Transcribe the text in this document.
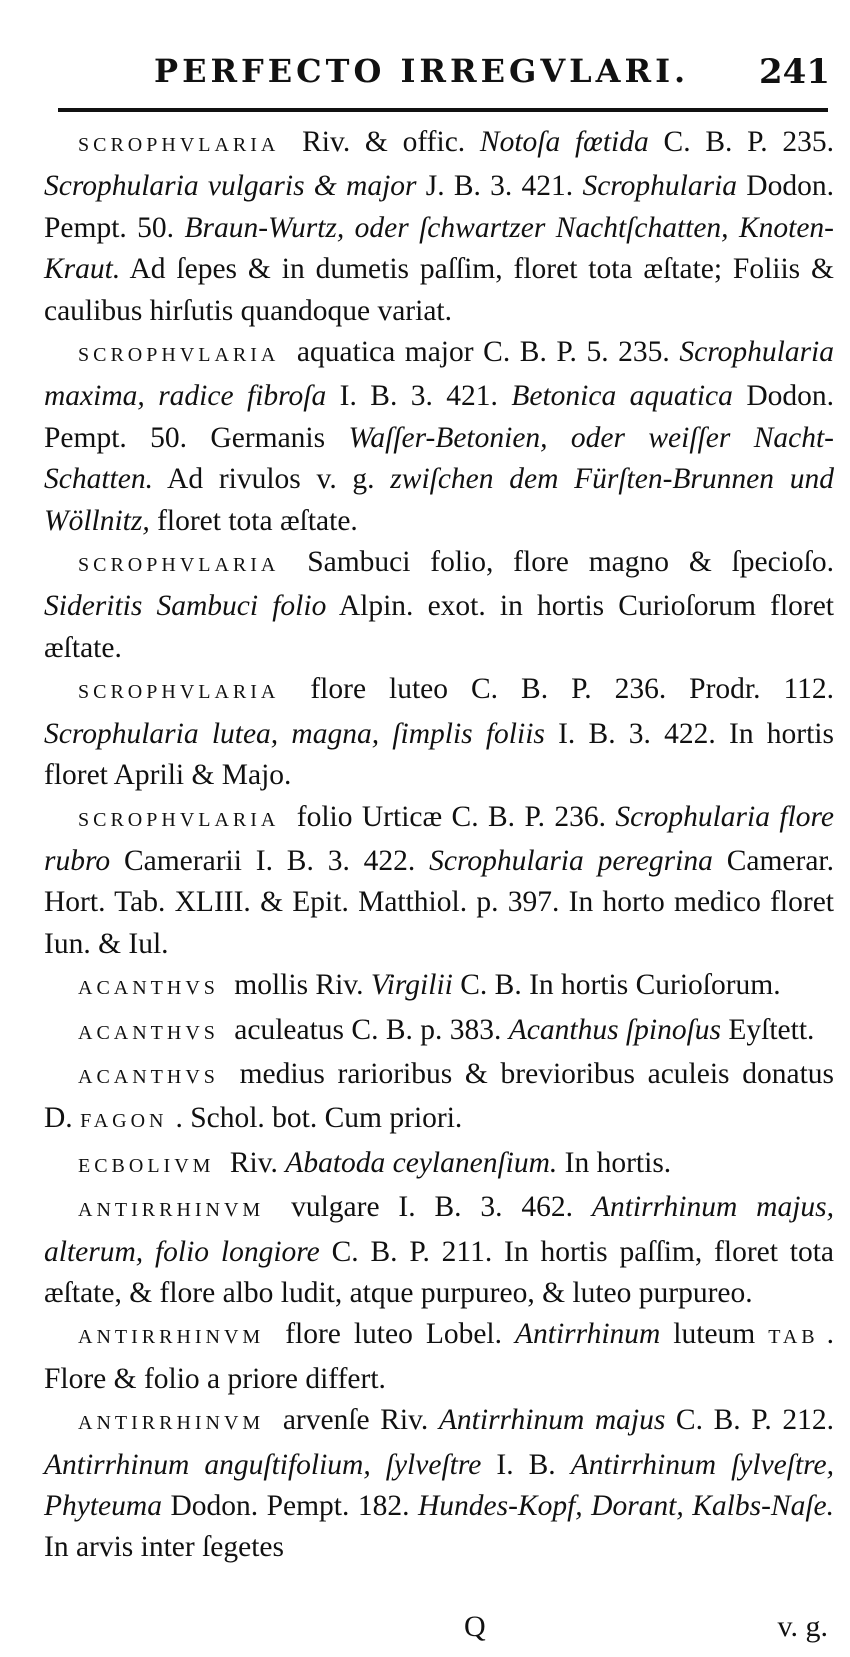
PERFECTO IRREGVLARI. 241

SCROPHVLARIA Riv. & offic. Notoſa fœtida C. B. P. 235. Scrophularia vulgaris & major J. B. 3. 421. Scrophularia Dodon. Pempt. 50. Braun-Wurtz, oder ſchwartzer Nachtſchatten, Knoten-Kraut. Ad ſepes & in dumetis paſſim, floret tota æſtate; Foliis & caulibus hirſutis quandoque variat.

SCROPHVLARIA aquatica major C. B. P. 5. 235. Scrophularia maxima, radice fibroſa I. B. 3. 421. Betonica aquatica Dodon. Pempt. 50. Germanis Waſſer-Betonien, oder weiſſer Nacht-Schatten. Ad rivulos v. g. zwiſchen dem Fürſten-Brunnen und Wöllnitz, floret tota æſtate.

SCROPHVLARIA Sambuci folio, flore magno & ſpecioſo. Sideritis Sambuci folio Alpin. exot. in hortis Curioſorum floret æſtate.

SCROPHVLARIA flore luteo C. B. P. 236. Prodr. 112. Scrophularia lutea, magna, ſimplis foliis I. B. 3. 422. In hortis floret Aprili & Majo.

SCROPHVLARIA folio Urticæ C. B. P. 236. Scrophularia flore rubro Camerarii I. B. 3. 422. Scrophularia peregrina Camerar. Hort. Tab. XLIII. & Epit. Matthiol. p. 397. In horto medico floret Iun. & Iul.

ACANTHVS mollis Riv. Virgilii C. B. In hortis Curioſorum.

ACANTHVS aculeatus C. B. p. 383. Acanthus ſpinoſus Eyſtett.

ACANTHVS medius rarioribus & brevioribus aculeis donatus D. FAGON . Schol. bot. Cum priori.

ECBOLIVM Riv. Abatoda ceylanenſium. In hortis.

ANTIRRHINVM vulgare I. B. 3. 462. Antirrhinum majus, alterum, folio longiore C. B. P. 211. In hortis paſſim, floret tota æſtate, & flore albo ludit, atque purpureo, & luteo purpureo.

ANTIRRHINVM flore luteo Lobel. Antirrhinum luteum TAB . Flore & folio a priore differt.

ANTIRRHINVM arvenſe Riv. Antirrhinum majus C. B. P. 212. Antirrhinum anguſtifolium, ſylveſtre I. B. Antirrhinum ſylveſtre, Phyteuma Dodon. Pempt. 182. Hundes-Kopf, Dorant, Kalbs-Naſe. In arvis inter ſegetes

Q	v. g.
